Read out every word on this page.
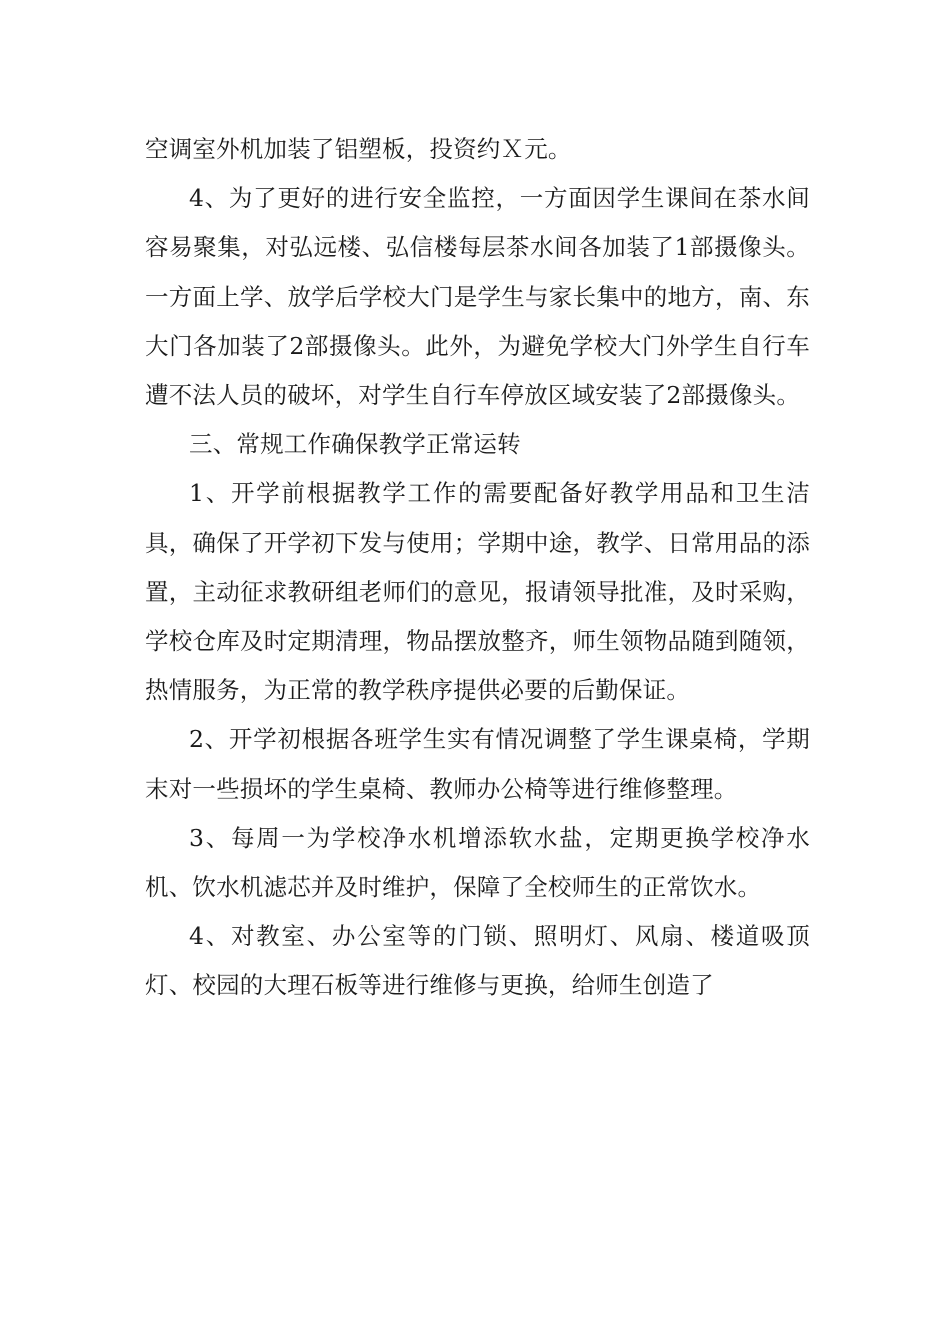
空调室外机加装了铝塑板，投资约Ｘ元。

4、为了更好的进行安全监控，一方面因学生课间在茶水间容易聚集，对弘远楼、弘信楼每层茶水间各加装了1部摄像头。一方面上学、放学后学校大门是学生与家长集中的地方，南、东大门各加装了2部摄像头。此外，为避免学校大门外学生自行车遭不法人员的破坏，对学生自行车停放区域安装了2部摄像头。

三、常规工作确保教学正常运转

1、开学前根据教学工作的需要配备好教学用品和卫生洁具，确保了开学初下发与使用；学期中途，教学、日常用品的添置，主动征求教研组老师们的意见，报请领导批准，及时采购，学校仓库及时定期清理，物品摆放整齐，师生领物品随到随领，热情服务，为正常的教学秩序提供必要的后勤保证。

2、开学初根据各班学生实有情况调整了学生课桌椅，学期末对一些损坏的学生桌椅、教师办公椅等进行维修整理。

3、每周一为学校净水机增添软水盐，定期更换学校净水机、饮水机滤芯并及时维护，保障了全校师生的正常饮水。

4、对教室、办公室等的门锁、照明灯、风扇、楼道吸顶灯、校园的大理石板等进行维修与更换，给师生创造了
